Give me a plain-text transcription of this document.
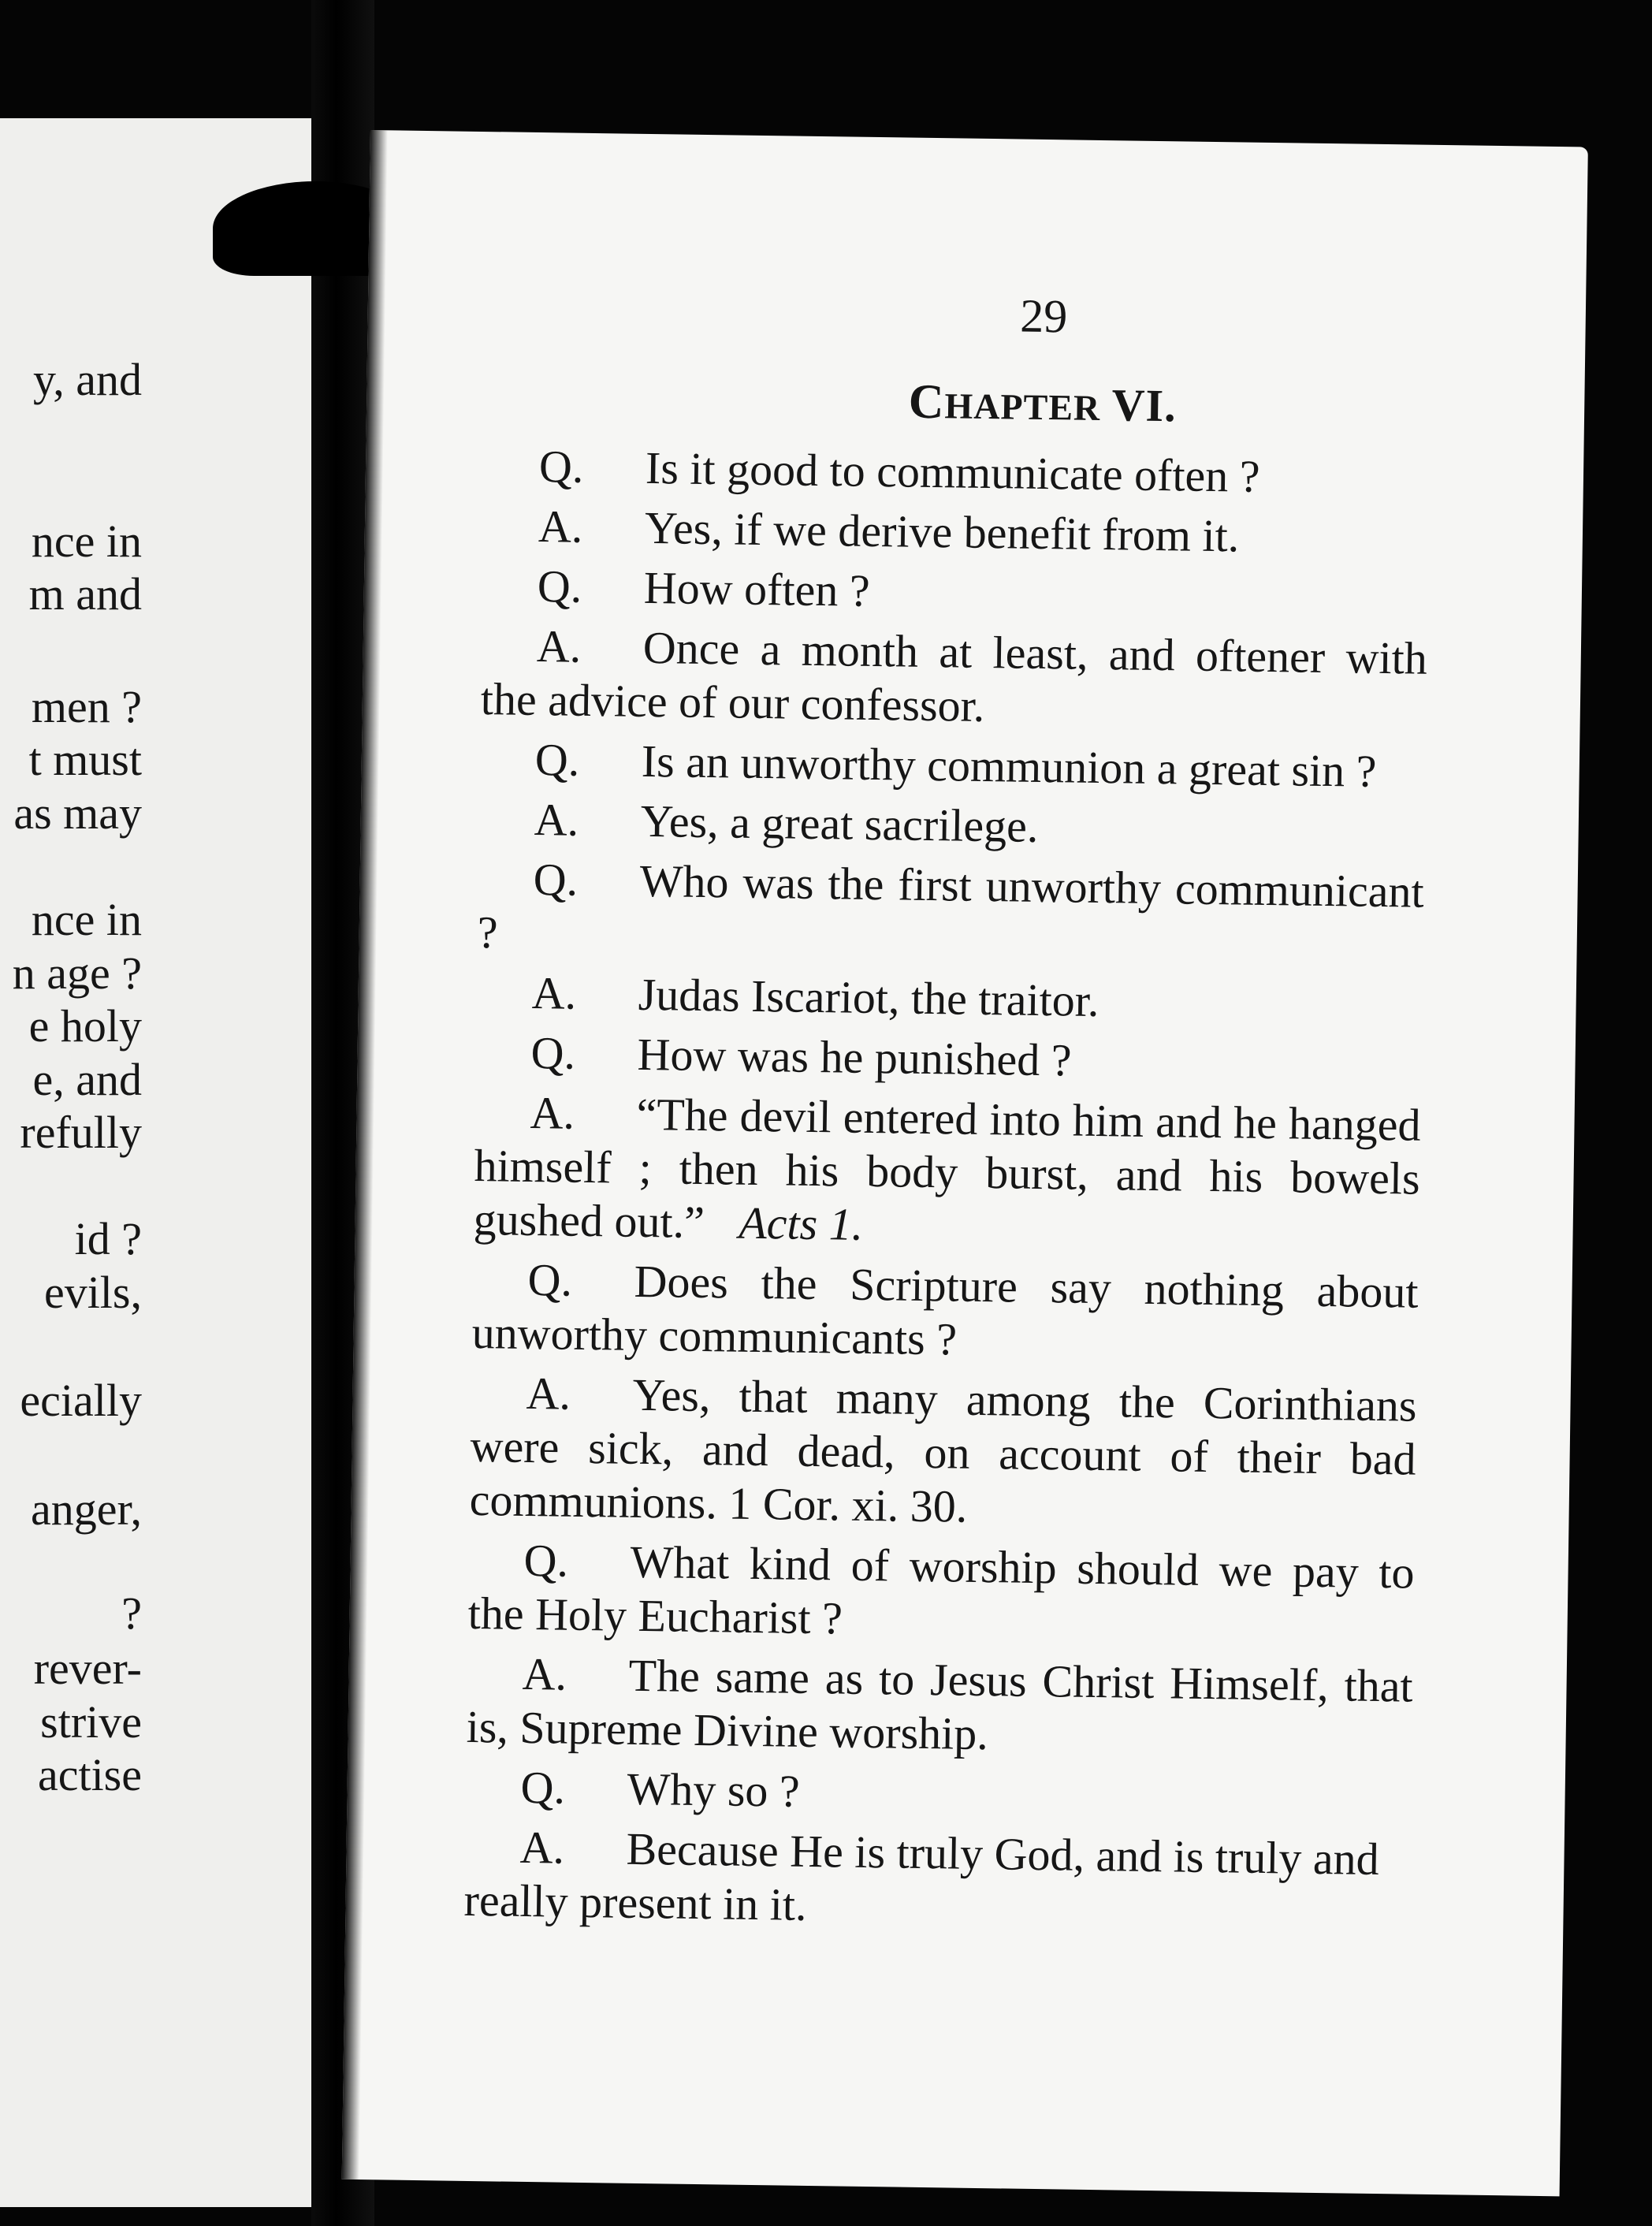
y, and

nce in

m and

men ?

t must

as may

nce in

n age ?

e holy

e, and

refully

id ?

evils,

ecially

anger,

?

rever-

strive

actise

29

CHAPTER VI.

Q. Is it good to communicate often ?

A. Yes, if we derive benefit from it.

Q. How often ?

A. Once a month at least, and oftener with the advice of our confessor.

Q. Is an unworthy communion a great sin ?

A. Yes, a great sacrilege.

Q. Who was the first unworthy communicant ?

A. Judas Iscariot, the traitor.

Q. How was he punished ?

A. “The devil entered into him and he hanged himself ; then his body burst, and his bowels gushed out.” Acts 1.

Q. Does the Scripture say nothing about unworthy communicants ?

A. Yes, that many among the Corinthians were sick, and dead, on account of their bad communions. 1 Cor. xi. 30.

Q. What kind of worship should we pay to the Holy Eucharist ?

A. The same as to Jesus Christ Himself, that is, Supreme Divine worship.

Q. Why so ?

A. Because He is truly God, and is truly and really present in it.
